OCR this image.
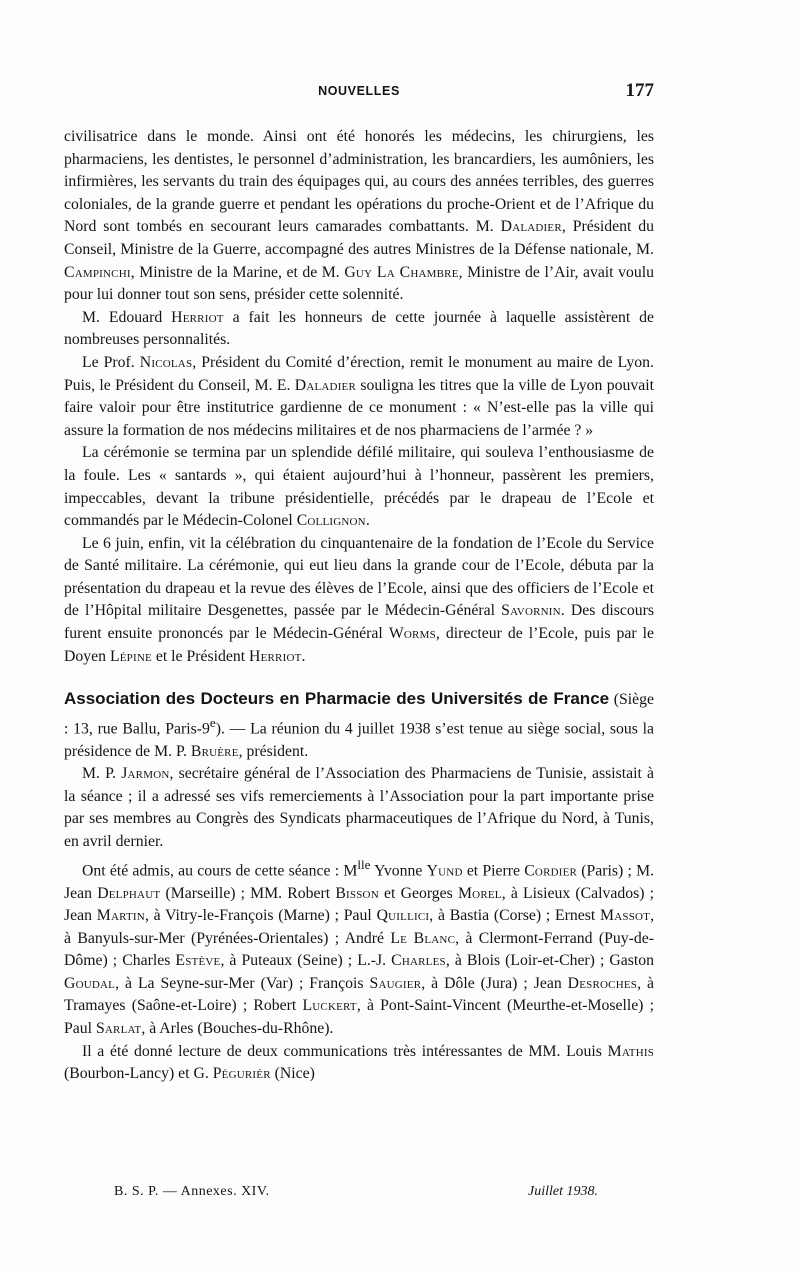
NOUVELLES	177

civilisatrice dans le monde. Ainsi ont été honorés les médecins, les chirurgiens, les pharmaciens, les dentistes, le personnel d’administration, les brancardiers, les aumôniers, les infirmières, les servants du train des équipages qui, au cours des années terribles, des guerres coloniales, de la grande guerre et pendant les opérations du proche-Orient et de l’Afrique du Nord sont tombés en secourant leurs camarades combattants. M. Daladier, Président du Conseil, Ministre de la Guerre, accompagné des autres Ministres de la Défense nationale, M. Campinchi, Ministre de la Marine, et de M. Guy La Chambre, Ministre de l’Air, avait voulu pour lui donner tout son sens, présider cette solennité.

M. Edouard Herriot a fait les honneurs de cette journée à laquelle assistèrent de nombreuses personnalités.

Le Prof. Nicolas, Président du Comité d’érection, remit le monument au maire de Lyon. Puis, le Président du Conseil, M. E. Daladier souligna les titres que la ville de Lyon pouvait faire valoir pour être institutrice gardienne de ce monument : « N’est-elle pas la ville qui assure la formation de nos médecins militaires et de nos pharmaciens de l’armée ? »

La cérémonie se termina par un splendide défilé militaire, qui souleva l’enthousiasme de la foule. Les « santards », qui étaient aujourd’hui à l’honneur, passèrent les premiers, impeccables, devant la tribune présidentielle, précédés par le drapeau de l’Ecole et commandés par le Médecin-Colonel Collignon.

Le 6 juin, enfin, vit la célébration du cinquantenaire de la fondation de l’Ecole du Service de Santé militaire. La cérémonie, qui eut lieu dans la grande cour de l’Ecole, débuta par la présentation du drapeau et la revue des élèves de l’Ecole, ainsi que des officiers de l’Ecole et de l’Hôpital militaire Desgenettes, passée par le Médecin-Général Savornin. Des discours furent ensuite prononcés par le Médecin-Général Worms, directeur de l’Ecole, puis par le Doyen Lépine et le Président Herriot.

Association des Docteurs en Pharmacie des Universités de France (Siège : 13, rue Ballu, Paris-9e). — La réunion du 4 juillet 1938 s’est tenue au siège social, sous la présidence de M. P. Bruère, président.

M. P. Jarmon, secrétaire général de l’Association des Pharmaciens de Tunisie, assistait à la séance ; il a adressé ses vifs remerciements à l’Association pour la part importante prise par ses membres au Congrès des Syndicats pharmaceutiques de l’Afrique du Nord, à Tunis, en avril dernier.

Ont été admis, au cours de cette séance : $M^{lle}$ Yvonne Yund et Pierre Cordier (Paris) ; M. Jean Delphaut (Marseille) ; MM. Robert Bisson et Georges Morel, à Lisieux (Calvados) ; Jean Martin, à Vitry-le-François (Marne) ; Paul Quillici, à Bastia (Corse) ; Ernest Massot, à Banyuls-sur-Mer (Pyrénées-Orientales) ; André Le Blanc, à Clermont-Ferrand (Puy-de-Dôme) ; Charles Estève, à Puteaux (Seine) ; L.-J. Charles, à Blois (Loir-et-Cher) ; Gaston Goudal, à La Seyne-sur-Mer (Var) ; François Saugier, à Dôle (Jura) ; Jean Desroches, à Tramayes (Saône-et-Loire) ; Robert Luckert, à Pont-Saint-Vincent (Meurthe-et-Moselle) ; Paul Sarlat, à Arles (Bouches-du-Rhône).

Il a été donné lecture de deux communications très intéressantes de MM. Louis Mathis (Bourbon-Lancy) et G. Péguriér (Nice)

B. S. P. — Annexes. XIV.	Juillet 1938.
